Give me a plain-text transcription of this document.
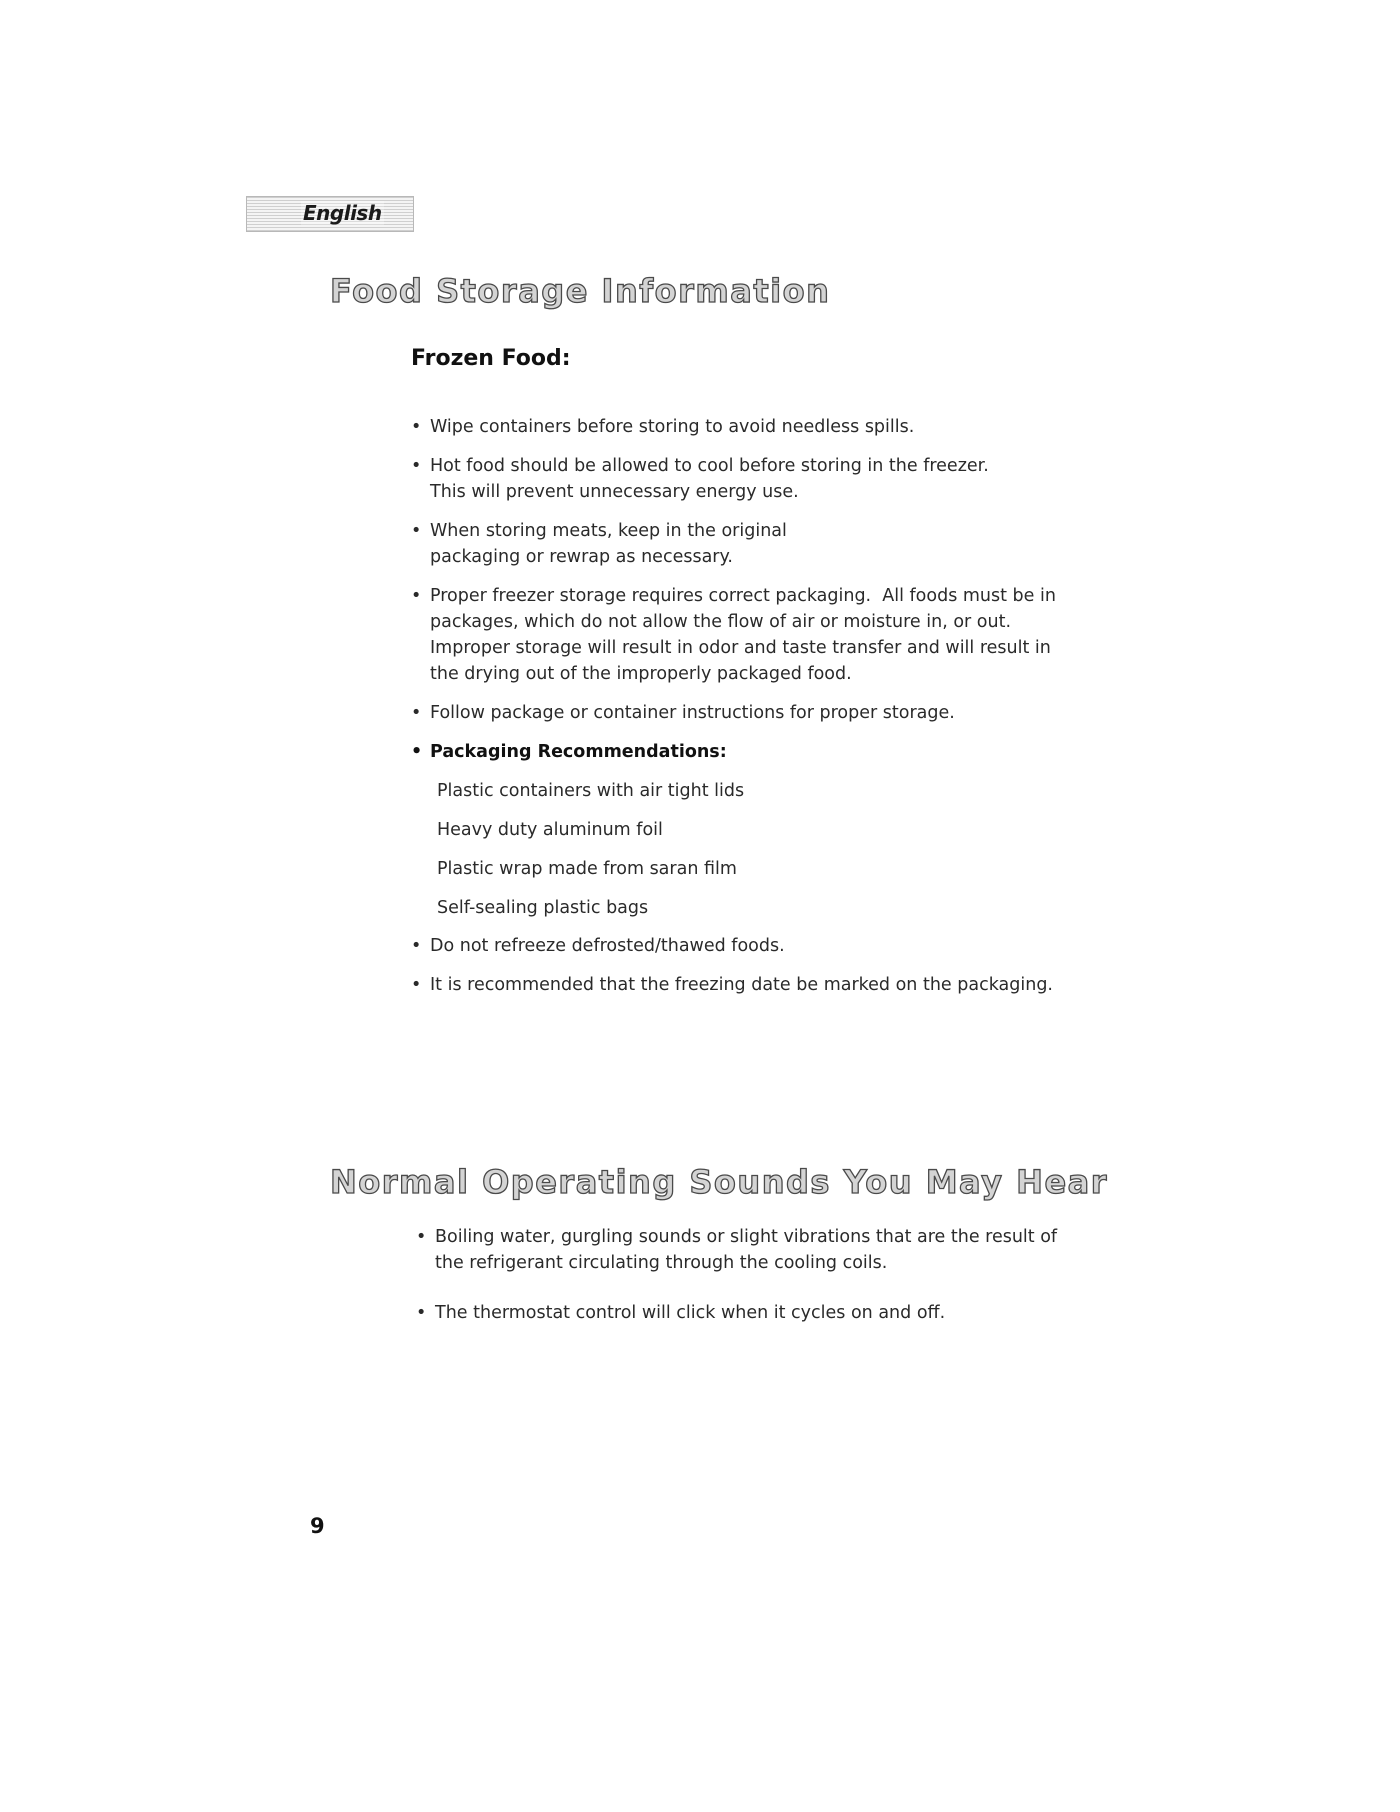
English
Food Storage Information
Frozen Food:
• Wipe containers before storing to avoid needless spills.
• Hot food should be allowed to cool before storing in the freezer.
This will prevent unnecessary energy use.
• When storing meats, keep in the original
packaging or rewrap as necessary.
• Proper freezer storage requires correct packaging.  All foods must be in packages, which do not allow the flow of air or moisture in, or out. Improper storage will result in odor and taste transfer and will result in the drying out of the improperly packaged food.
• Follow package or container instructions for proper storage.
• Packaging Recommendations:
Plastic containers with air tight lids
Heavy duty aluminum foil
Plastic wrap made from saran film
Self-sealing plastic bags
• Do not refreeze defrosted/thawed foods.
• It is recommended that the freezing date be marked on the packaging.
Normal Operating Sounds You May Hear
• Boiling water, gurgling sounds or slight vibrations that are the result of the refrigerant circulating through the cooling coils.
• The thermostat control will click when it cycles on and off.
9
